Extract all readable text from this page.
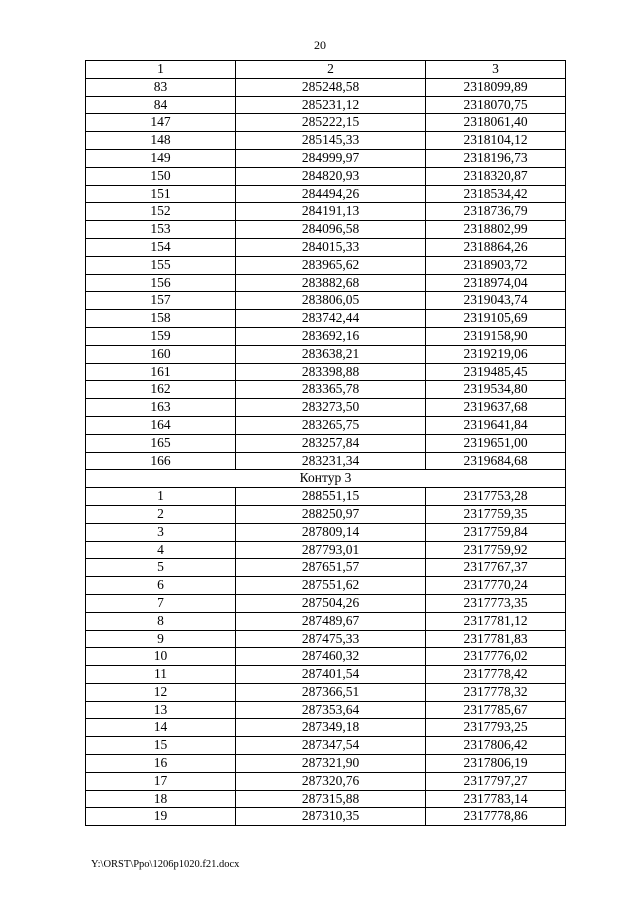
20
1	2	3
83	285248,58	2318099,89
84	285231,12	2318070,75
147	285222,15	2318061,40
148	285145,33	2318104,12
149	284999,97	2318196,73
150	284820,93	2318320,87
151	284494,26	2318534,42
152	284191,13	2318736,79
153	284096,58	2318802,99
154	284015,33	2318864,26
155	283965,62	2318903,72
156	283882,68	2318974,04
157	283806,05	2319043,74
158	283742,44	2319105,69
159	283692,16	2319158,90
160	283638,21	2319219,06
161	283398,88	2319485,45
162	283365,78	2319534,80
163	283273,50	2319637,68
164	283265,75	2319641,84
165	283257,84	2319651,00
166	283231,34	2319684,68
Контур 3		
1	288551,15	2317753,28
2	288250,97	2317759,35
3	287809,14	2317759,84
4	287793,01	2317759,92
5	287651,57	2317767,37
6	287551,62	2317770,24
7	287504,26	2317773,35
8	287489,67	2317781,12
9	287475,33	2317781,83
10	287460,32	2317776,02
11	287401,54	2317778,42
12	287366,51	2317778,32
13	287353,64	2317785,67
14	287349,18	2317793,25
15	287347,54	2317806,42
16	287321,90	2317806,19
17	287320,76	2317797,27
18	287315,88	2317783,14
19	287310,35	2317778,86
Y:\ORST\Ppo\1206p1020.f21.docx
